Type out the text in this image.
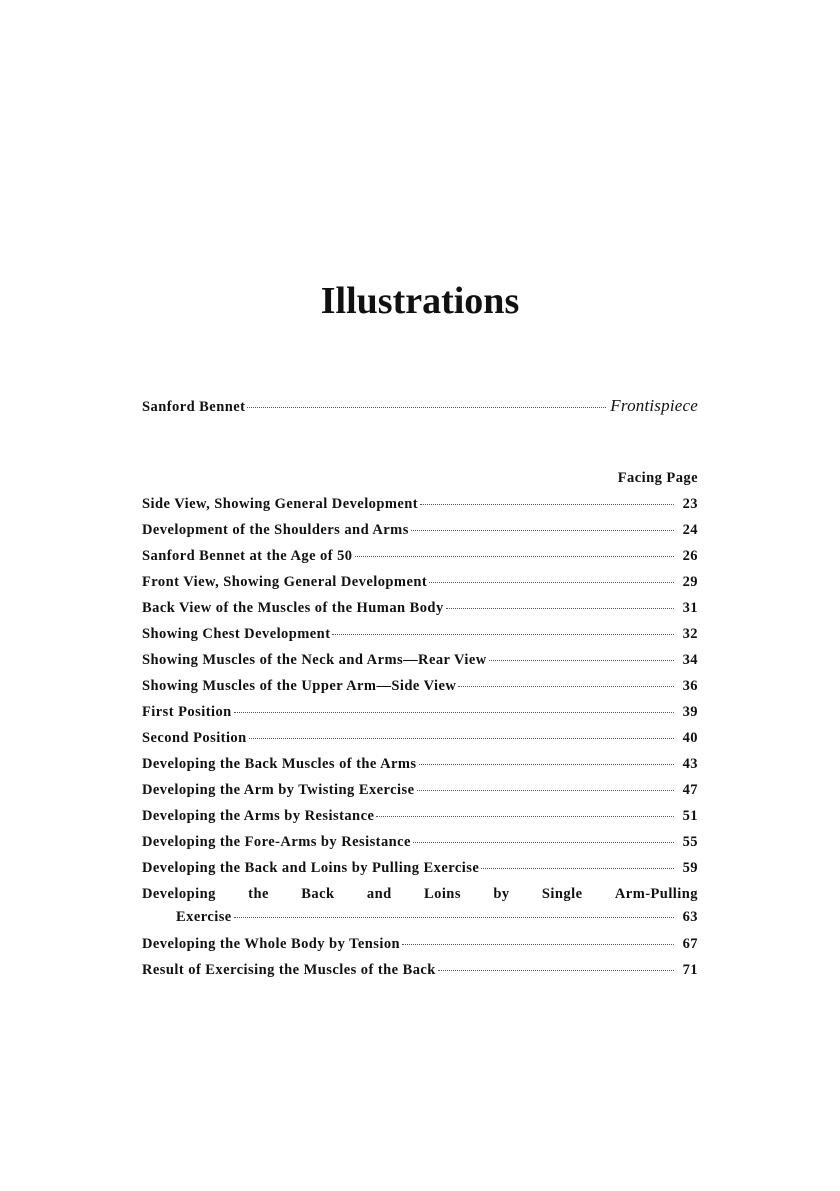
Illustrations
Sanford Bennet	Frontispiece
Facing Page
Side View, Showing General Development	23
Development of the Shoulders and Arms	24
Sanford Bennet at the Age of 50	26
Front View, Showing General Development	29
Back View of the Muscles of the Human Body	31
Showing Chest Development	32
Showing Muscles of the Neck and Arms—Rear View	34
Showing Muscles of the Upper Arm—Side View	36
First Position	39
Second Position	40
Developing the Back Muscles of the Arms	43
Developing the Arm by Twisting Exercise	47
Developing the Arms by Resistance	51
Developing the Fore-Arms by Resistance	55
Developing the Back and Loins by Pulling Exercise	59
Developing the Back and Loins by Single Arm-Pulling
Exercise	63
Developing the Whole Body by Tension	67
Result of Exercising the Muscles of the Back	71
